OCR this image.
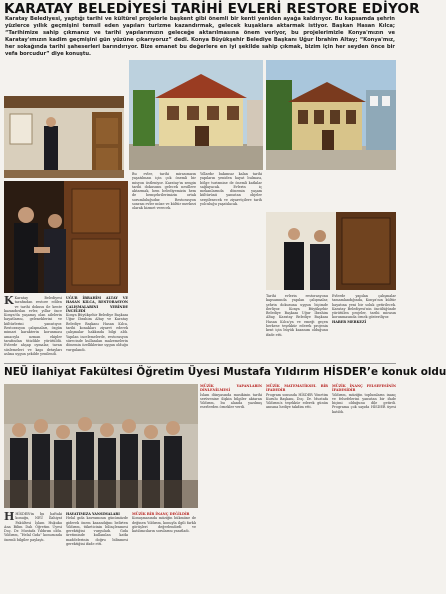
KARATAY BELEDİYESİ TARİHİ EVLERİ RESTORE EDİYOR
Karatay Belediyesi, yaptığı tarihi ve kültürel projelerle başkent gibi önemli bir kenti yeniden ayağa kaldırıyor. Bu kapsamda şehrin yüzlerce yıllık geçmişini temsil eden yapıları turizme kazandırmak, gelecek kuşaklara aktarmak istiyor. Başkan Hasan Kılca; “Tarihimize sahip çıkmanız ve tarihi yapılarımızın geleceğe aktarılmasına önem veriyor, bu projelerimizle Konya'mızın ve Karatay'ımızın kadim geçmişini gün yüzüne çıkarıyoruz” dedi. Konya Büyükşehir Belediye Başkanı Uğur İbrahim Altay; “Konya'mız, her sokağında tarihi şaheserleri barındırıyor. Bize emanet bu değerlere en iyi şekilde sahip çıkmak, bizim için her seyden önce bir vefa borcudur” diye konuştu.
K Karatay Belediyesi tarafından restore edilen ve tarihi dokusu ile kente kazandırılan evler, yıllar önce Konya'da yaşamış olan ailelerin hayatlarını, geleneklerini ve kültürlerini yansıtıyor. Restorasyon çalışmaları, özgün mimari karakterin korunması amacıyla uzman ekipler tarafından titizlikle yürütüldü. Evlerde ahşap oymalar, tavan süslemeleri ve kapı detayları aslına uygun şekilde yenilendi.
UĞUR İBRAHİM ALTAY VE HASAN KILCA, RESTORASYON ÇALIŞMALARINI YERİNDE İNCELEDİ
Konya Büyükşehir Belediye Başkanı Uğur İbrahim Altay ve Karatay Belediye Başkanı Hasan Kılca, tarihi konakları ziyaret ederek çalışmalar hakkında bilgi aldı. Yapılan incelemelerde, restorasyon sürecinde kullanılan malzemelerin dönemin özelliklerine uygun olduğu vurgulandı.
Bu evler, tarihi mirasımızın yaşatılması için çok önemli bir misyon üstleniyor. Karatay'ın zengin tarihi dokusunu gelecek nesillere aktarmak, hem belediyemizin hem de hemşehrilerimizin ortak sorumluluğudur. Restorasyon sonrası evler müze ve kültür merkezi olarak hizmet verecek.
Yıllardır bakımsız kalan tarihi yapıların yeniden hayat bulması, bölge turizmine de önemli katkılar sağlayacak. Evlerin iç mekanlarında dönemin yaşam kültürünü yansıtan objeler sergilenecek ve ziyaretçilere tarih yolculuğu yaşatılacak.
Tarihi evlerin restorasyonu kapsamında yapılan çalışmalar, şehrin dokusuna uygun biçimde ilerliyor. Konya Büyükşehir Belediye Başkanı Uğur İbrahim Altay, Karatay Belediye Başkanı Hasan Kılca'ya ve emeği geçen herkese teşekkür ederek projenin kent için büyük kazanım olduğunu ifade etti.
Evlerde yapılan çalışmalar tamamlandığında, Konya'nın kültür hayatına yeni bir soluk getirilecek. Karatay Belediyesi'nin öncülüğünde yürütülen projeler, tarihi mirasın korunmasında örnek gösteriliyor.
HABER MERKEZİ
NEÜ İlahiyat Fakültesi Öğretim Üyesi Mustafa Yıldırım HİSDER’e konuk oldu
HHİSDER'in bu haftaki konuğu, NEÜ İlahiyat Fakültesi İslam Hukuku Ana Bilim Dalı Öğretim Üyesi Doç. Dr. Mustafa Yıldırım oldu. Yıldırım, “Helal Gıda” konusunda önemli bilgiler paylaştı.
HAYATIMIZA YANSIMALARI
Helal gıda kavramının günümüzde giderek önem kazandığını belirten Yıldırım, tüketicinin bilinçlenmesi gerektiğini vurguladı. Gıda üretiminde kullanılan katkı maddelerinin doğru bilinmesi gerektiğini ifade etti.
MÜZİK BİR İNANÇ DEĞİLDİR
Konuşmasında müziğin hükmüne de değinen Yıldırım, konuyla ilgili farklı görüşleri değerlendirdi ve katılımcıların sorularını yanıtladı.
MÜZİK YAPANLARIN DİNLENİLMESİ
İslam dünyasında musikinin tarihi serüvenine ilişkin bilgiler aktaran Yıldırım, bu alanda yazılmış eserlerden örnekler verdi.
MÜZİK MATEMATİKSEL BİR İFADEDİR
Program sonunda HİSDER Yönetim Kurulu Başkanı, Doç. Dr. Mustafa Yıldırım'a teşekkür ederek günün anısına hediye takdim etti.
MÜZİK İNANÇ FELSEFESİNİN İFADESİDİR
Yıldırım, müziğin toplumların inanç ve felsefelerini yansıtan bir ifade biçimi olduğunu dile getirdi. Programa çok sayıda HİSDER üyesi katıldı.
